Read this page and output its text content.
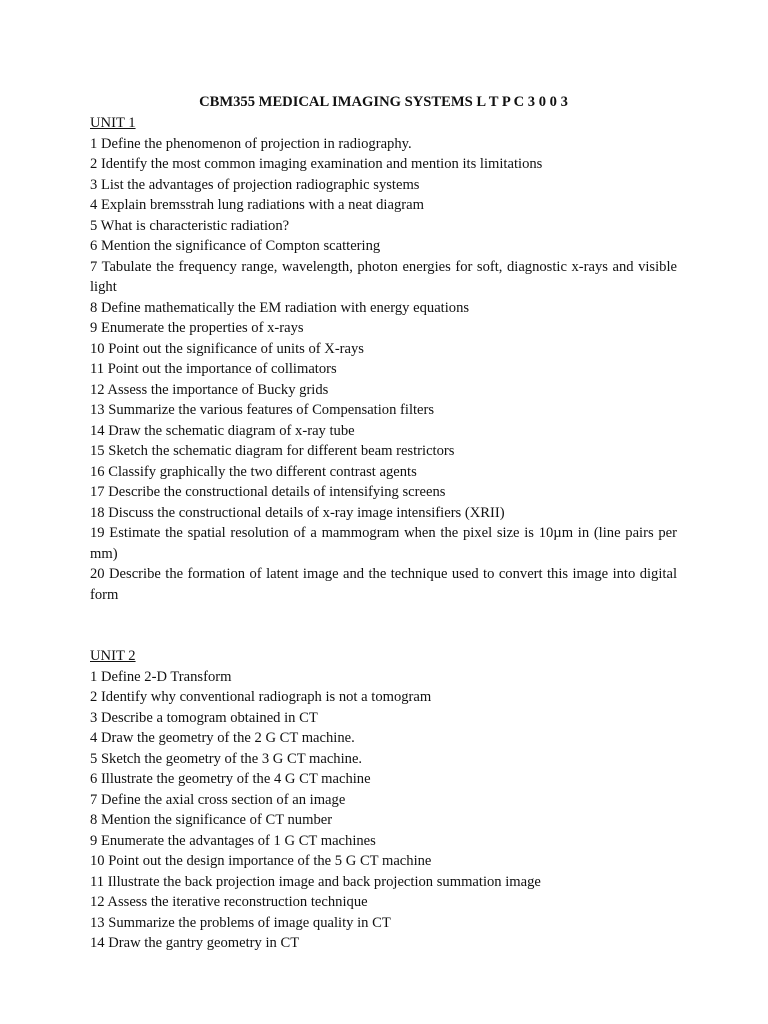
CBM355 MEDICAL IMAGING SYSTEMS L T P C 3 0 0 3

UNIT 1

1 Define the phenomenon of projection in radiography.

2 Identify the most common imaging examination and mention its limitations

3 List the advantages of projection radiographic systems

4 Explain bremsstrah lung radiations with a neat diagram

5 What is characteristic radiation?

6 Mention the significance of Compton scattering

7 Tabulate the frequency range, wavelength, photon energies for soft, diagnostic x-rays and visible light

8 Define mathematically the EM radiation with energy equations

9 Enumerate the properties of x-rays

10 Point out the significance of units of X-rays

11 Point out the importance of collimators

12 Assess the importance of Bucky grids

13 Summarize the various features of Compensation filters

14 Draw the schematic diagram of x-ray tube

15 Sketch the schematic diagram for different beam restrictors

16 Classify graphically the two different contrast agents

17 Describe the constructional details of intensifying screens

18 Discuss the constructional details of x-ray image intensifiers (XRII)

19 Estimate the spatial resolution of a mammogram when the pixel size is 10µm in (line pairs per mm)

20 Describe the formation of latent image and the technique used to convert this image into digital form

UNIT 2

1 Define 2-D Transform

2 Identify why conventional radiograph is not a tomogram

3 Describe a tomogram obtained in CT

4 Draw the geometry of the 2 G CT machine.

5 Sketch the geometry of the 3 G CT machine.

6 Illustrate the geometry of the 4 G CT machine

7 Define the axial cross section of an image

8 Mention the significance of CT number

9 Enumerate the advantages of 1 G CT machines

10 Point out the design importance of the 5 G CT machine

11 Illustrate the back projection image and back projection summation image

12 Assess the iterative reconstruction technique

13 Summarize the problems of image quality in CT

14 Draw the gantry geometry in CT
